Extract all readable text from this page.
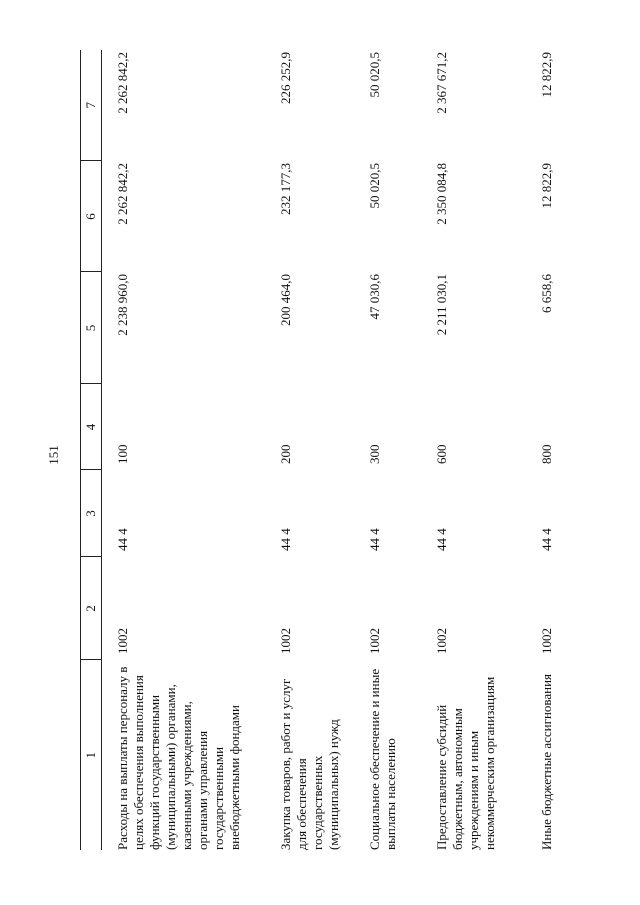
151
1	2	3	4	5	6	7
Расходы на выплаты персоналу в целях обеспечения выполнения функций государственными (муниципальными) органами, казенными учреждениями, органами управления государственными внебюджетными фондами	1002	44 4	100	2 238 960,0	2 262 842,2	2 262 842,2
Закупка товаров, работ и услуг для обеспечения государственных (муниципальных) нужд	1002	44 4	200	200 464,0	232 177,3	226 252,9
Социальное обеспечение и иные выплаты населению	1002	44 4	300	47 030,6	50 020,5	50 020,5
Предоставление субсидий бюджетным, автономным учреждениям и иным некоммерческим организациям	1002	44 4	600	2 211 030,1	2 350 084,8	2 367 671,2
Иные бюджетные ассигнования	1002	44 4	800	6 658,6	12 822,9	12 822,9
